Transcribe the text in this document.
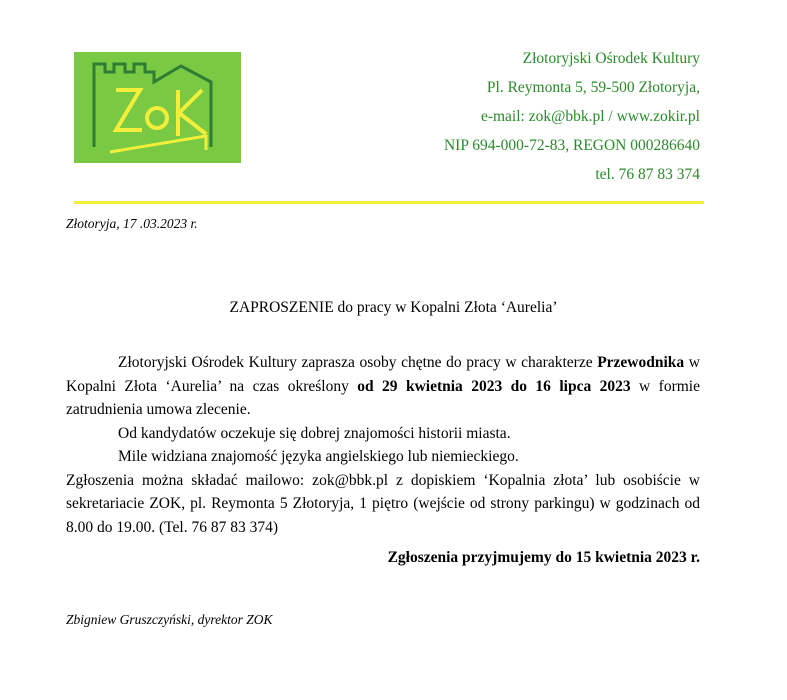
Złotoryjski Ośrodek Kultury
Pl. Reymonta 5, 59-500 Złotoryja,
e-mail: zok@bbk.pl / www.zokir.pl
NIP 694-000-72-83, REGON 000286640
tel. 76 87 83 374
Złotoryja, 17 .03.2023 r.
ZAPROSZENIE do pracy w Kopalni Złota ‘Aurelia’

Złotoryjski Ośrodek Kultury zaprasza osoby chętne do pracy w charakterze Przewodnika w Kopalni Złota ‘Aurelia’ na czas określony od 29 kwietnia 2023 do 16 lipca 2023 w formie zatrudnienia umowa zlecenie.

Od kandydatów oczekuje się dobrej znajomości historii miasta.

Mile widziana znajomość języka angielskiego lub niemieckiego.

Zgłoszenia można składać mailowo: zok@bbk.pl z dopiskiem ‘Kopalnia złota’ lub osobiście w sekretariacie ZOK, pl. Reymonta 5 Złotoryja, 1 piętro (wejście od strony parkingu) w godzinach od 8.00 do 19.00. (Tel. 76 87 83 374)

Zgłoszenia przyjmujemy do 15 kwietnia 2023 r.

Zbigniew Gruszczyński, dyrektor ZOK
